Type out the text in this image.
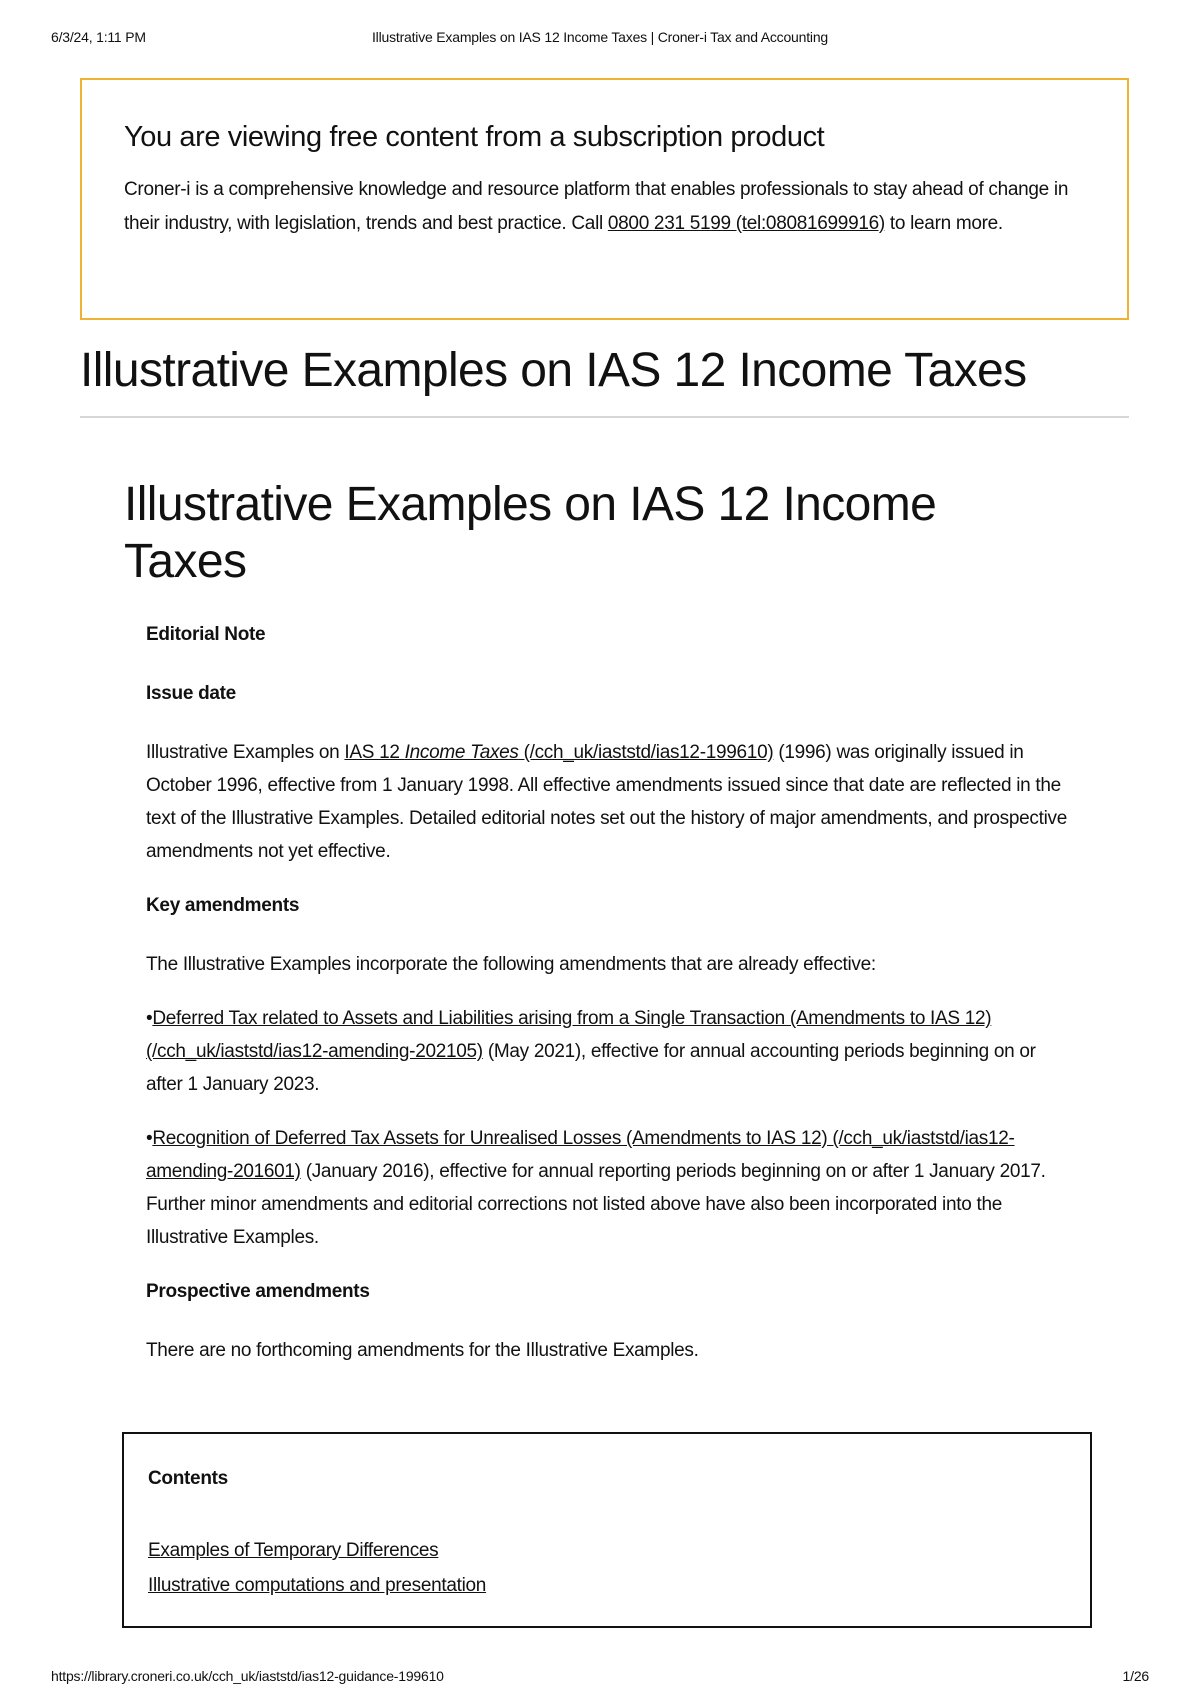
6/3/24, 1:11 PM	Illustrative Examples on IAS 12 Income Taxes | Croner-i Tax and Accounting
You are viewing free content from a subscription product

Croner-i is a comprehensive knowledge and resource platform that enables professionals to stay ahead of change in their industry, with legislation, trends and best practice. Call 0800 231 5199 (tel:08081699916) to learn more.

Illustrative Examples on IAS 12 Income Taxes
Illustrative Examples on IAS 12 Income Taxes
Editorial Note
Issue date

Illustrative Examples on IAS 12 Income Taxes (/cch_uk/iaststd/ias12-199610) (1996) was originally issued in October 1996, effective from 1 January 1998. All effective amendments issued since that date are reflected in the text of the Illustrative Examples. Detailed editorial notes set out the history of major amendments, and prospective amendments not yet effective.

Key amendments

The Illustrative Examples incorporate the following amendments that are already effective:

•Deferred Tax related to Assets and Liabilities arising from a Single Transaction (Amendments to IAS 12) (/cch_uk/iaststd/ias12-amending-202105) (May 2021), effective for annual accounting periods beginning on or after 1 January 2023.

•Recognition of Deferred Tax Assets for Unrealised Losses (Amendments to IAS 12) (/cch_uk/iaststd/ias12-amending-201601) (January 2016), effective for annual reporting periods beginning on or after 1 January 2017.

Further minor amendments and editorial corrections not listed above have also been incorporated into the Illustrative Examples.

Prospective amendments

There are no forthcoming amendments for the Illustrative Examples.

Contents
Examples of Temporary Differences
Illustrative computations and presentation
https://library.croneri.co.uk/cch_uk/iaststd/ias12-guidance-199610	1/26
